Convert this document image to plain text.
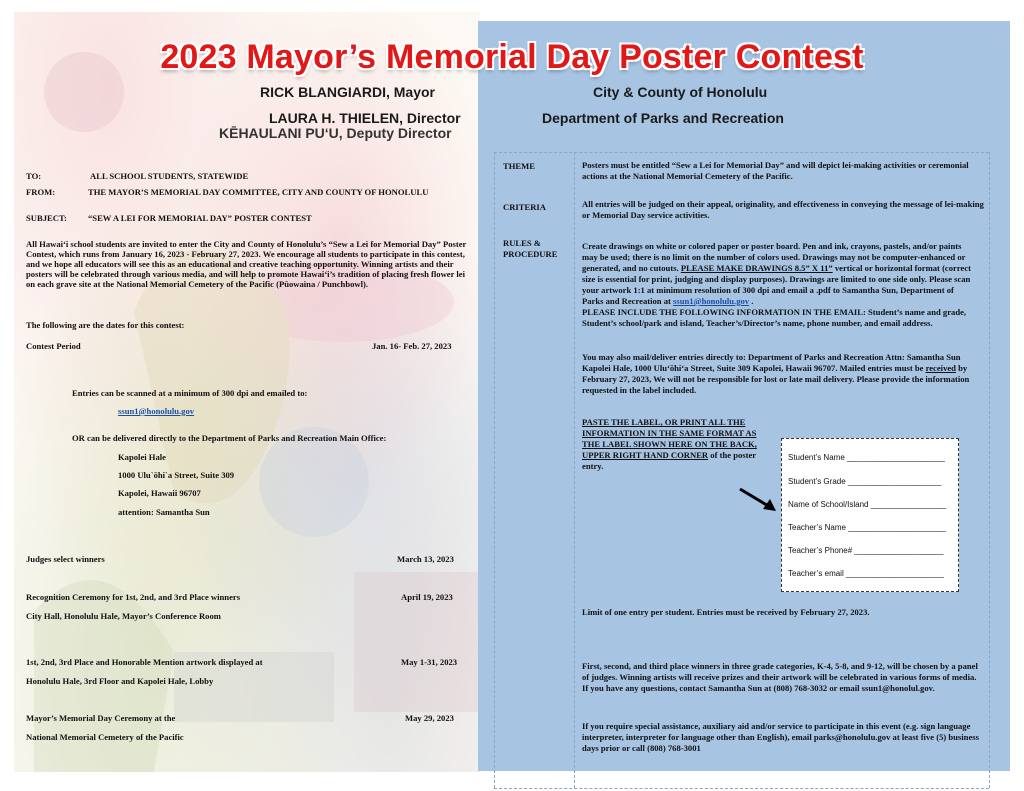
2023 Mayor’s Memorial Day Poster Contest
RICK BLANGIARDI, Mayor	City & County of Honolulu
LAURA H. THIELEN, Director
KĒHAULANI PU‘U, Deputy Director
Department of Parks and Recreation
TO:	ALL SCHOOL STUDENTS, STATEWIDE
FROM:	THE MAYOR’S MEMORIAL DAY COMMITTEE, CITY AND COUNTY OF HONOLULU
SUBJECT: “SEW A LEI FOR MEMORIAL DAY” POSTER CONTEST
All Hawai‘i school students are invited to enter the City and County of Honolulu’s “Sew a Lei for Memorial Day” Poster Contest, which runs from January 16, 2023 - February 27, 2023. We encourage all students to participate in this contest, and we hope all educators will see this as an educational and creative teaching opportunity. Winning artists and their posters will be celebrated through various media, and will help to promote Hawai‘i’s tradition of placing fresh flower lei on each grave site at the National Memorial Cemetery of the Pacific (Pūowaina / Punchbowl).
The following are the dates for this contest:
Contest Period	Jan. 16- Feb. 27, 2023
Entries can be scanned at a minimum of 300 dpi and emailed to:
ssun1@honolulu.gov
OR can be delivered directly to the Department of Parks and Recreation Main Office:
Kapolei Hale
1000 Ulu`ōhi`a Street, Suite 309
Kapolei, Hawaii 96707
attention: Samantha Sun
Judges select winners	March 13, 2023
Recognition Ceremony for 1st, 2nd, and 3rd Place winners	April 19, 2023
City Hall, Honolulu Hale, Mayor’s Conference Room
1st, 2nd, 3rd Place and Honorable Mention artwork displayed at	May 1-31, 2023
Honolulu Hale, 3rd Floor and Kapolei Hale, Lobby
Mayor’s Memorial Day Ceremony at the	May 29, 2023
National Memorial Cemetery of the Pacific
THEME	Posters must be entitled “Sew a Lei for Memorial Day” and will depict lei-making activities or ceremonial actions at the National Memorial Cemetery of the Pacific.
CRITERIA	All entries will be judged on their appeal, originality, and effectiveness in conveying the message of lei-making or Memorial Day service activities.
RULES &
PROCEDURE
Create drawings on white or colored paper or poster board. Pen and ink, crayons, pastels, and/or paints may be used; there is no limit on the number of colors used. Drawings may not be computer-enhanced or generated, and no cutouts. PLEASE MAKE DRAWINGS 8.5” X 11” vertical or horizontal format (correct size is essential for print, judging and display purposes). Drawings are limited to one side only. Please scan your artwork 1:1 at minimum resolution of 300 dpi and email a .pdf to Samantha Sun, Department of Parks and Recreation at ssun1@honolulu.gov .
PLEASE INCLUDE THE FOLLOWING INFORMATION IN THE EMAIL: Student’s name and grade, Student’s school/park and island, Teacher’s/Director’s name, phone number, and email address.
You may also mail/deliver entries directly to: Department of Parks and Recreation Attn: Samantha Sun Kapolei Hale, 1000 Ulu‘ōhi‘a Street, Suite 309 Kapolei, Hawaii 96707. Mailed entries must be received by February 27, 2023, We will not be responsible for lost or late mail delivery. Please provide the information requested in the label included.
PASTE THE LABEL, OR PRINT ALL THE INFORMATION IN THE SAME FORMAT AS THE LABEL SHOWN HERE ON THE BACK, UPPER RIGHT HAND CORNER of the poster entry.
Student’s Name ______________________
Student’s Grade _____________________
Name of School/Island _________________
Teacher’s Name ______________________
Teacher’s Phone# ____________________
Teacher’s email ______________________
Limit of one entry per student. Entries must be received by February 27, 2023.
First, second, and third place winners in three grade categories, K-4, 5-8, and 9-12, will be chosen by a panel of judges. Winning artists will receive prizes and their artwork will be celebrated in various forms of media. If you have any questions, contact Samantha Sun at (808) 768-3032 or email ssun1@honolul.gov.
If you require special assistance, auxiliary aid and/or service to participate in this event (e.g. sign language interpreter, interpreter for language other than English), email parks@honolulu.gov at least five (5) business days prior or call (808) 768-3001
